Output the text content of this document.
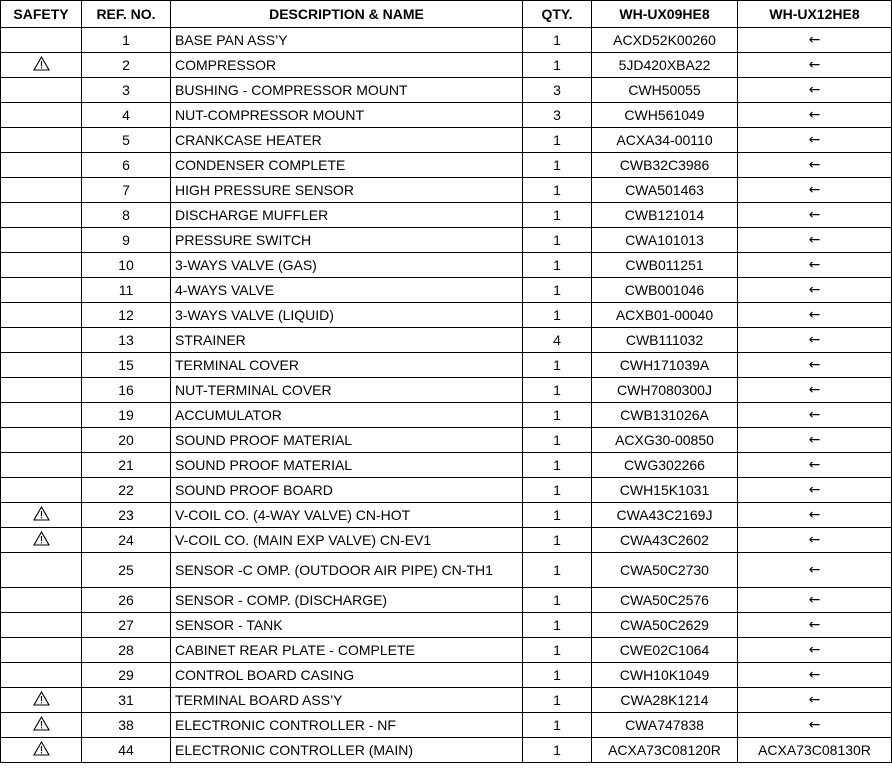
SAFETY	REF. NO.	DESCRIPTION & NAME	QTY.	WH-UX09HE8	WH-UX12HE8
	1	BASE PAN ASS’Y	1	ACXD52K00260	←
	2	COMPRESSOR	1	5JD420XBA22	←
	3	BUSHING - COMPRESSOR MOUNT	3	CWH50055	←
	4	NUT-COMPRESSOR MOUNT	3	CWH561049	←
	5	CRANKCASE HEATER	1	ACXA34-00110	←
	6	CONDENSER COMPLETE	1	CWB32C3986	←
	7	HIGH PRESSURE SENSOR	1	CWA501463	←
	8	DISCHARGE MUFFLER	1	CWB121014	←
	9	PRESSURE SWITCH	1	CWA101013	←
	10	3-WAYS VALVE (GAS)	1	CWB011251	←
	11	4-WAYS VALVE	1	CWB001046	←
	12	3-WAYS VALVE (LIQUID)	1	ACXB01-00040	←
	13	STRAINER	4	CWB111032	←
	15	TERMINAL COVER	1	CWH171039A	←
	16	NUT-TERMINAL COVER	1	CWH7080300J	←
	19	ACCUMULATOR	1	CWB131026A	←
	20	SOUND PROOF MATERIAL	1	ACXG30-00850	←
	21	SOUND PROOF MATERIAL	1	CWG302266	←
	22	SOUND PROOF BOARD	1	CWH15K1031	←
	23	V-COIL CO. (4-WAY VALVE) CN-HOT	1	CWA43C2169J	←
	24	V-COIL CO. (MAIN EXP VALVE) CN-EV1	1	CWA43C2602	←
	25	SENSOR -C OMP. (OUTDOOR AIR PIPE) CN-TH1	1	CWA50C2730	←
	26	SENSOR - COMP. (DISCHARGE)	1	CWA50C2576	←
	27	SENSOR - TANK	1	CWA50C2629	←
	28	CABINET REAR PLATE - COMPLETE	1	CWE02C1064	←
	29	CONTROL BOARD CASING	1	CWH10K1049	←
	31	TERMINAL BOARD ASS’Y	1	CWA28K1214	←
	38	ELECTRONIC CONTROLLER - NF	1	CWA747838	←
	44	ELECTRONIC CONTROLLER (MAIN)	1	ACXA73C08120R	ACXA73C08130R
